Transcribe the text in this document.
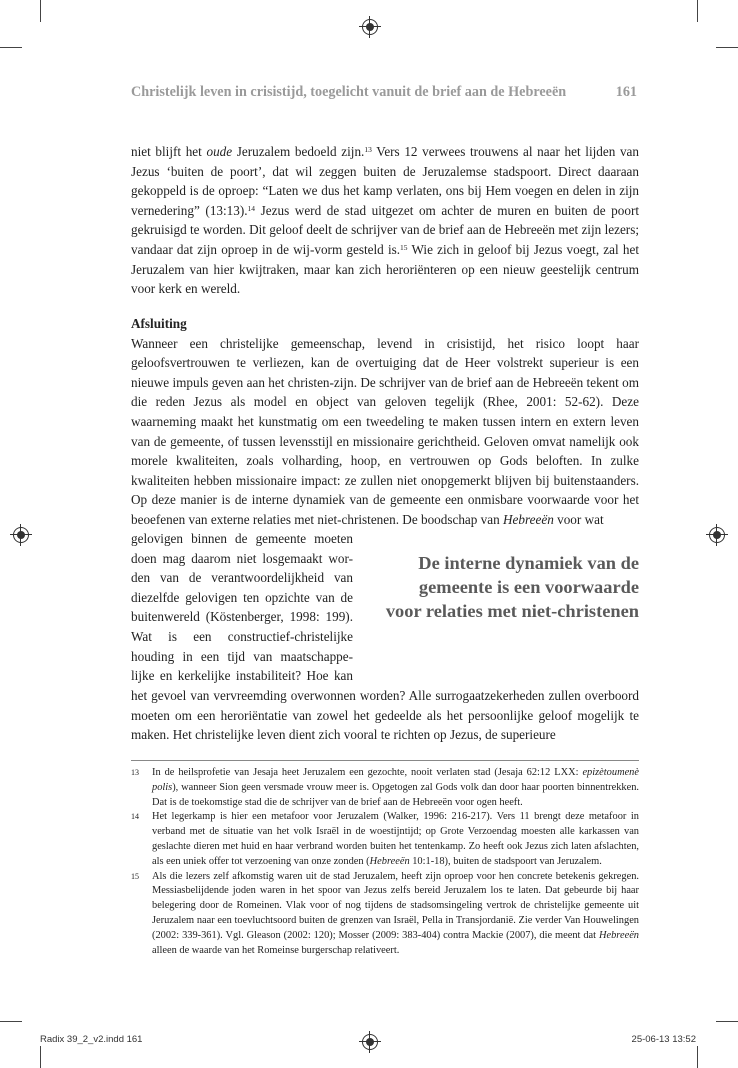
Christelijk leven in crisistijd, toegelicht vanuit de brief aan de Hebreeën	161

niet blijft het oude Jeruzalem bedoeld zijn.$^{13}$ Vers 12 verwees trouwens al naar het lijden van Jezus ‘buiten de poort’, dat wil zeggen buiten de Jeruzalemse stadspoort. Direct daaraan gekoppeld is de oproep: “Laten we dus het kamp verlaten, ons bij Hem voegen en delen in zijn vernedering” (13:13).$^{14}$ Jezus werd de stad uitgezet om achter de muren en buiten de poort gekruisigd te worden. Dit geloof deelt de schrijver van de brief aan de Hebreeën met zijn lezers; vandaar dat zijn oproep in de wij-vorm gesteld is.$^{15}$ Wie zich in geloof bij Jezus voegt, zal het Jeruzalem van hier kwijtraken, maar kan zich heroriënteren op een nieuw geestelijk centrum voor kerk en wereld.

Afsluiting

Wanneer een christelijke gemeenschap, levend in crisistijd, het risico loopt haar geloofsvertrouwen te verliezen, kan de overtuiging dat de Heer volstrekt superieur is een nieuwe impuls geven aan het christen-zijn. De schrijver van de brief aan de Hebreeën tekent om die reden Jezus als model en object van geloven tegelijk (Rhee, 2001: 52-62). Deze waarneming maakt het kunstmatig om een tweedeling te maken tussen intern en extern leven van de gemeente, of tussen levensstijl en missionaire gerichtheid. Geloven omvat namelijk ook morele kwaliteiten, zoals volharding, hoop, en vertrouwen op Gods beloften. In zulke kwaliteiten hebben missionaire impact: ze zullen niet onopgemerkt blijven bij buitenstaanders. Op deze manier is de interne dynamiek van de gemeente een onmisbare voorwaarde voor het beoefenen van externe relaties met niet-christenen. De boodschap van Hebreeën voor wat

gelovigen binnen de gemeente moeten
doen mag daarom niet losgemaakt wor-
den van de verantwoordelijkheid van
diezelfde gelovigen ten opzichte van de
buitenwereld (Köstenberger, 1998: 199).
Wat is een constructief-christelijke
houding in een tijd van maatschappe-
lijke en kerkelijke instabiliteit? Hoe kan
De interne dynamiek van de
gemeente is een voorwaarde
voor relaties met niet-christenen

het gevoel van vervreemding overwonnen worden? Alle surrogaatzekerheden zullen overboord moeten om een heroriëntatie van zowel het gedeelde als het persoonlijke geloof mogelijk te maken. Het christelijke leven dient zich vooral te richten op Jezus, de superieure

13 In de heilsprofetie van Jesaja heet Jeruzalem een gezochte, nooit verlaten stad (Jesaja 62:12 LXX: epizètoumenè polis), wanneer Sion geen versmade vrouw meer is. Opgetogen zal Gods volk dan door haar poorten binnentrekken. Dat is de toekomstige stad die de schrijver van de brief aan de Hebreeën voor ogen heeft.
14 Het legerkamp is hier een metafoor voor Jeruzalem (Walker, 1996: 216-217). Vers 11 brengt deze metafoor in verband met de situatie van het volk Israël in de woestijntijd; op Grote Verzoendag moesten alle karkassen van geslachte dieren met huid en haar verbrand worden buiten het tentenkamp. Zo heeft ook Jezus zich laten afslachten, als een uniek offer tot verzoening van onze zonden (Hebreeën 10:1-18), buiten de stadspoort van Jeruzalem.
15 Als die lezers zelf afkomstig waren uit de stad Jeruzalem, heeft zijn oproep voor hen concrete betekenis gekregen. Messiasbelijdende joden waren in het spoor van Jezus zelfs bereid Jeruzalem los te laten. Dat gebeurde bij haar belegering door de Romeinen. Vlak voor of nog tijdens de stadsomsingeling vertrok de christelijke gemeente uit Jeruzalem naar een toevluchtsoord buiten de grenzen van Israël, Pella in Transjordanië. Zie verder Van Houwelingen (2002: 339-361). Vgl. Gleason (2002: 120); Mosser (2009: 383-404) contra Mackie (2007), die meent dat Hebreeën alleen de waarde van het Romeinse burgerschap relativeert.
Radix 39_2_v2.indd 161	25-06-13 13:52
